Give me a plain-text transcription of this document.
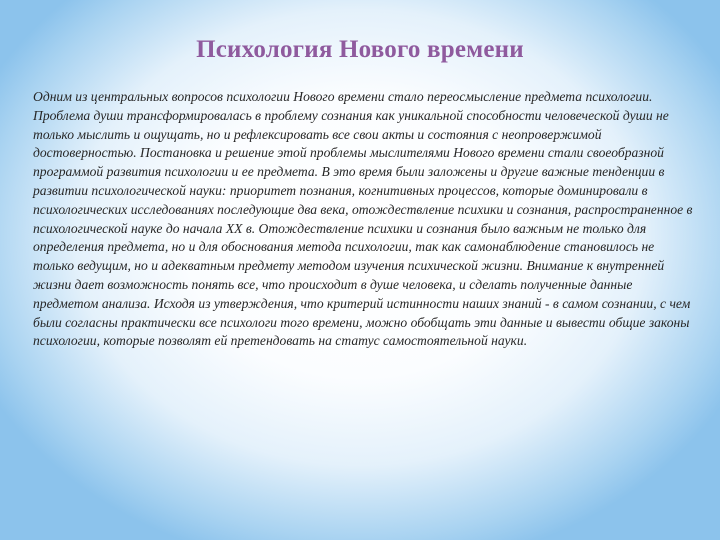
Психология Нового времени

Одним из центральных вопросов психологии Нового времени стало переосмысление предмета психологии. Проблема души трансформировалась в проблему сознания как уникальной способности человеческой души не только мыслить и ощущать, но и рефлексировать все свои акты и состояния с неопровержимой достоверностью. Постановка и решение этой проблемы мыслителями Нового времени стали своеобразной программой развития психологии и ее предмета. В это время были заложены и другие важные тенденции в развитии психологической науки: приоритет познания, когнитивных процессов, которые доминировали в психологических исследованиях последующие два века, отождествление психики и сознания, распространенное в психологической науке до начала XX в. Отождествление психики и сознания было важным не только для определения предмета, но и для обоснования метода психологии, так как самонаблюдение становилось не только ведущим, но и адекватным предмету методом изучения психической жизни. Внимание к внутренней жизни дает возможность понять все, что происходит в душе человека, и сделать полученные данные предметом анализа. Исходя из утверждения, что критерий истинности наших знаний - в самом сознании, с чем были согласны практически все психологи того времени, можно обобщать эти данные и вывести общие законы психологии, которые позволят ей претендовать на статус самостоятельной науки.
